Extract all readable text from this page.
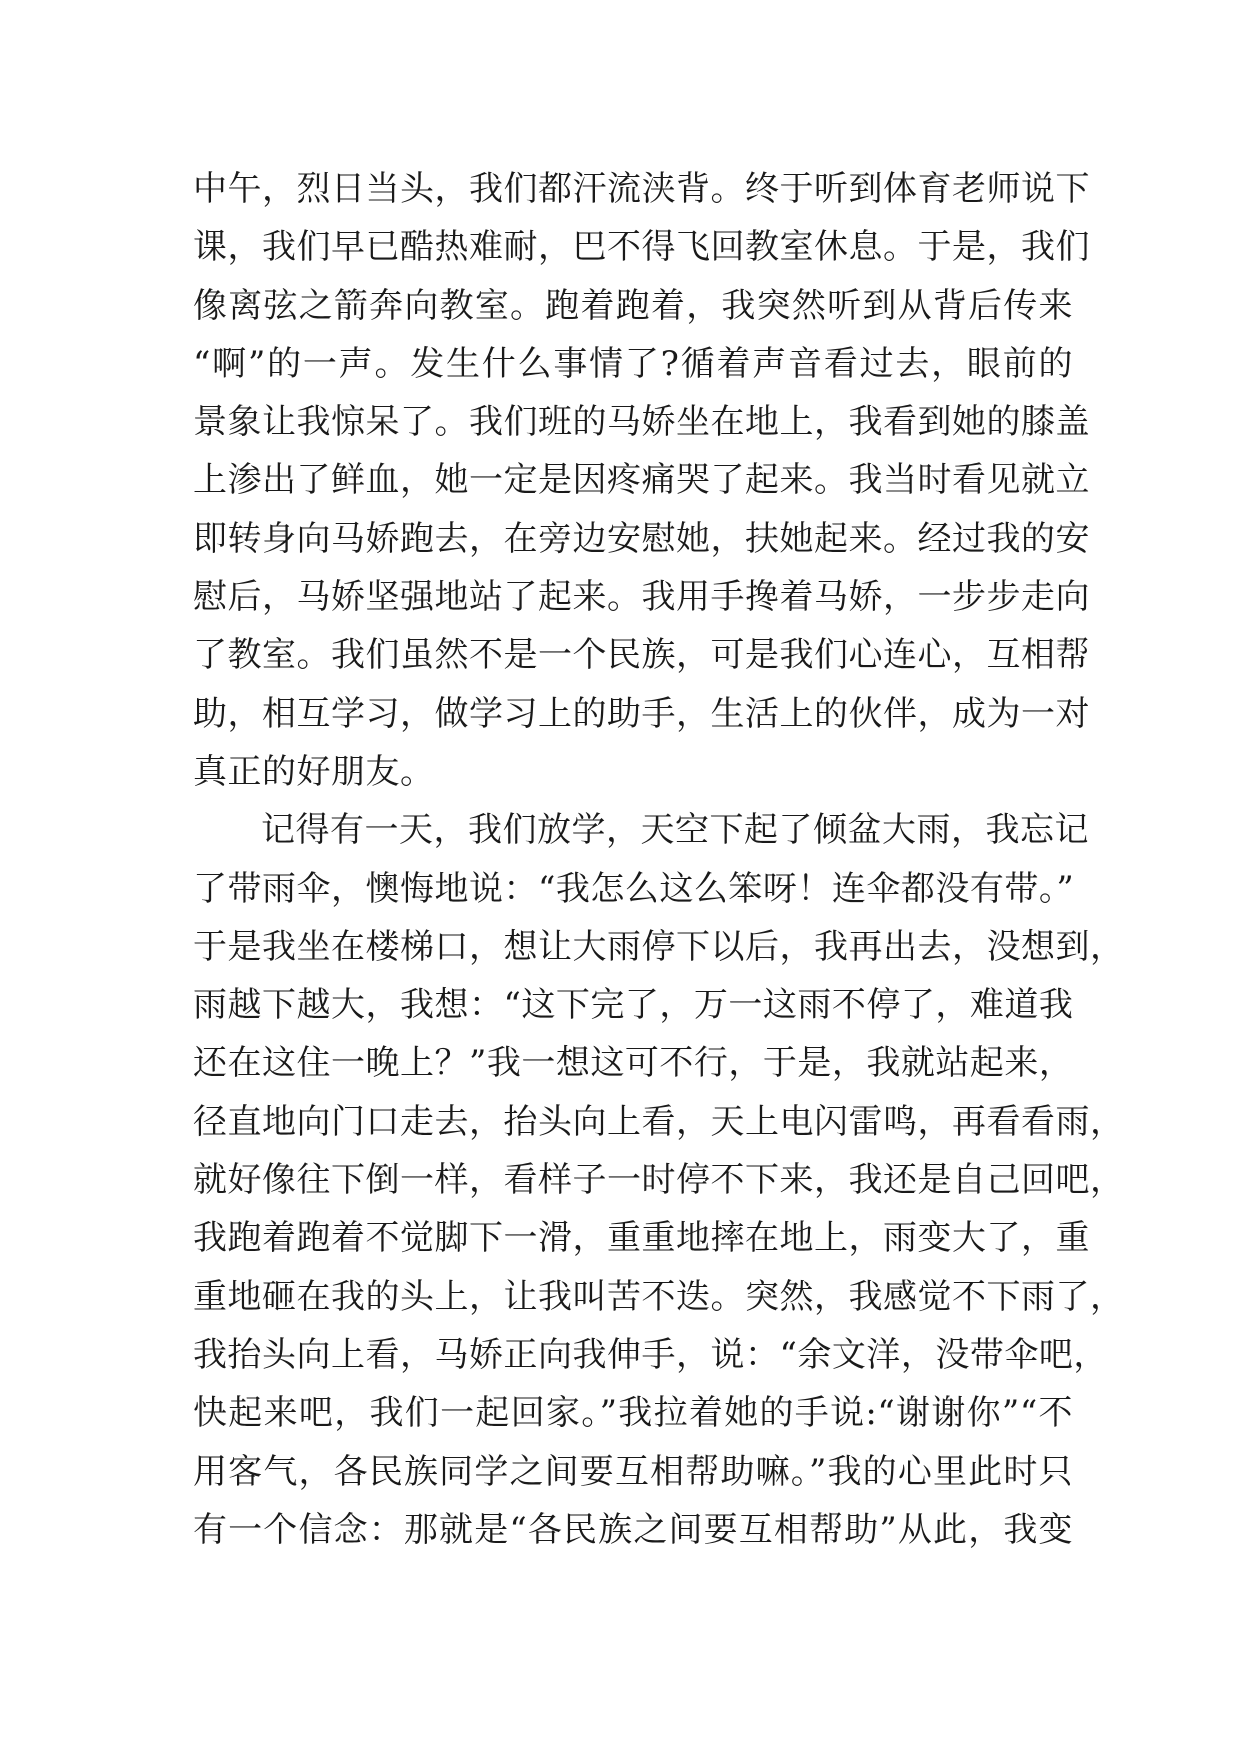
中午，烈日当头，我们都汗流浃背。终于听到体育老师说下
课，我们早已酷热难耐，巴不得飞回教室休息。于是，我们
像离弦之箭奔向教室。跑着跑着，我突然听到从背后传来
“啊”的一声。发生什么事情了?循着声音看过去，眼前的
景象让我惊呆了。我们班的马娇坐在地上，我看到她的膝盖
上渗出了鲜血，她一定是因疼痛哭了起来。我当时看见就立
即转身向马娇跑去，在旁边安慰她，扶她起来。经过我的安
慰后，马娇坚强地站了起来。我用手搀着马娇，一步步走向
了教室。我们虽然不是一个民族，可是我们心连心，互相帮
助，相互学习，做学习上的助手，生活上的伙伴，成为一对
真正的好朋友。
记得有一天，我们放学，天空下起了倾盆大雨，我忘记
了带雨伞，懊悔地说：“我怎么这么笨呀！连伞都没有带。”
于是我坐在楼梯口，想让大雨停下以后，我再出去，没想到，
雨越下越大，我想：“这下完了，万一这雨不停了，难道我
还在这住一晚上？”我一想这可不行，于是，我就站起来，
径直地向门口走去，抬头向上看，天上电闪雷鸣，再看看雨，
就好像往下倒一样，看样子一时停不下来，我还是自己回吧，
我跑着跑着不觉脚下一滑，重重地摔在地上，雨变大了，重
重地砸在我的头上，让我叫苦不迭。突然，我感觉不下雨了，
我抬头向上看，马娇正向我伸手，说：“余文洋，没带伞吧，
快起来吧，我们一起回家。”我拉着她的手说:“谢谢你”“不
用客气，各民族同学之间要互相帮助嘛。”我的心里此时只
有一个信念：那就是“各民族之间要互相帮助”从此，我变
